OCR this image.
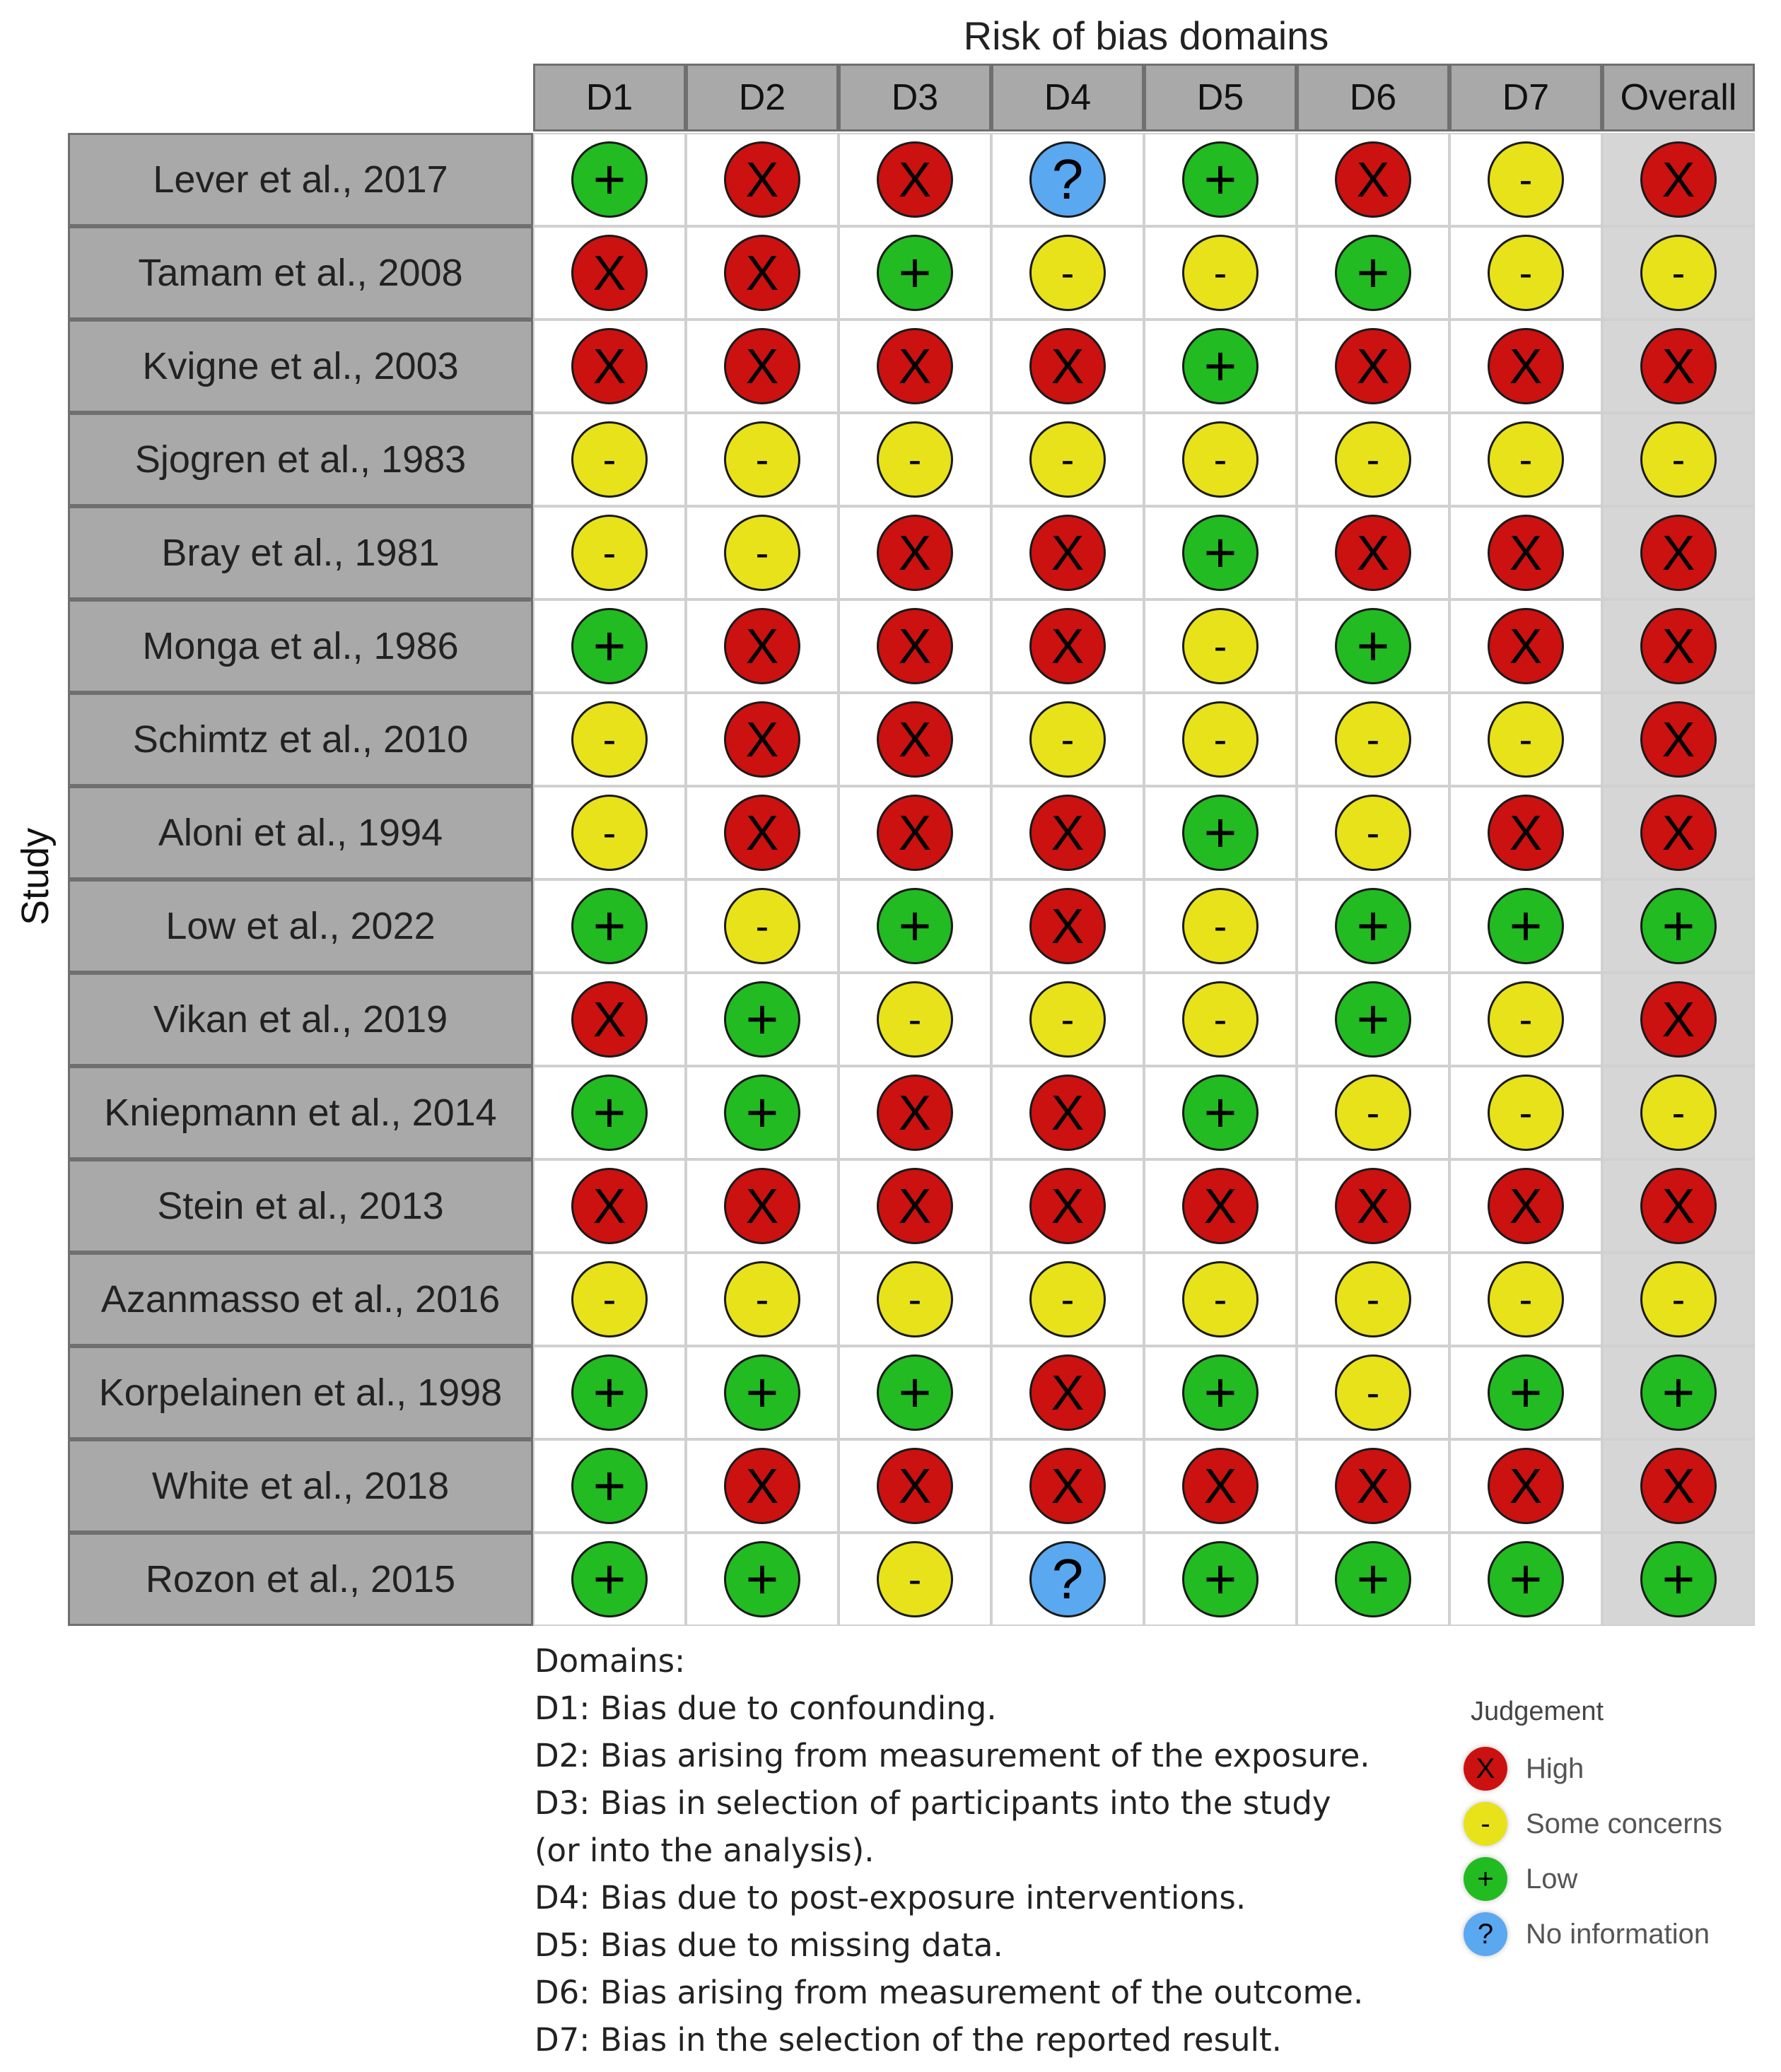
Risk of bias domains
Study
D1	D2	D3	D4	D5	D6	D7	Overall
Lever et al., 2017	+	X	X	?	+	X	-	X
Tamam et al., 2008	X	X	+	-	-	+	-	-
Kvigne et al., 2003	X	X	X	X	+	X	X	X
Sjogren et al., 1983	-	-	-	-	-	-	-	-
Bray et al., 1981	-	-	X	X	+	X	X	X
Monga et al., 1986	+	X	X	X	-	+	X	X
Schimtz et al., 2010	-	X	X	-	-	-	-	X
Aloni et al., 1994	-	X	X	X	+	-	X	X
Low et al., 2022	+	-	+	X	-	+	+	+
Vikan et al., 2019	X	+	-	-	-	+	-	X
Kniepmann et al., 2014	+	+	X	X	+	-	-	-
Stein et al., 2013	X	X	X	X	X	X	X	X
Azanmasso et al., 2016	-	-	-	-	-	-	-	-
Korpelainen et al., 1998	+	+	+	X	+	-	+	+
White et al., 2018	+	X	X	X	X	X	X	X
Rozon et al., 2015	+	+	-	?	+	+	+	+
Domains:
D1: Bias due to confounding.
D2: Bias arising from measurement of the exposure.
D3: Bias in selection of participants into the study
(or into the analysis).
D4: Bias due to post-exposure interventions.
D5: Bias due to missing data.
D6: Bias arising from measurement of the outcome.
D7: Bias in the selection of the reported result.
Judgement
X	High
-	Some concerns
+	Low
?	No information
